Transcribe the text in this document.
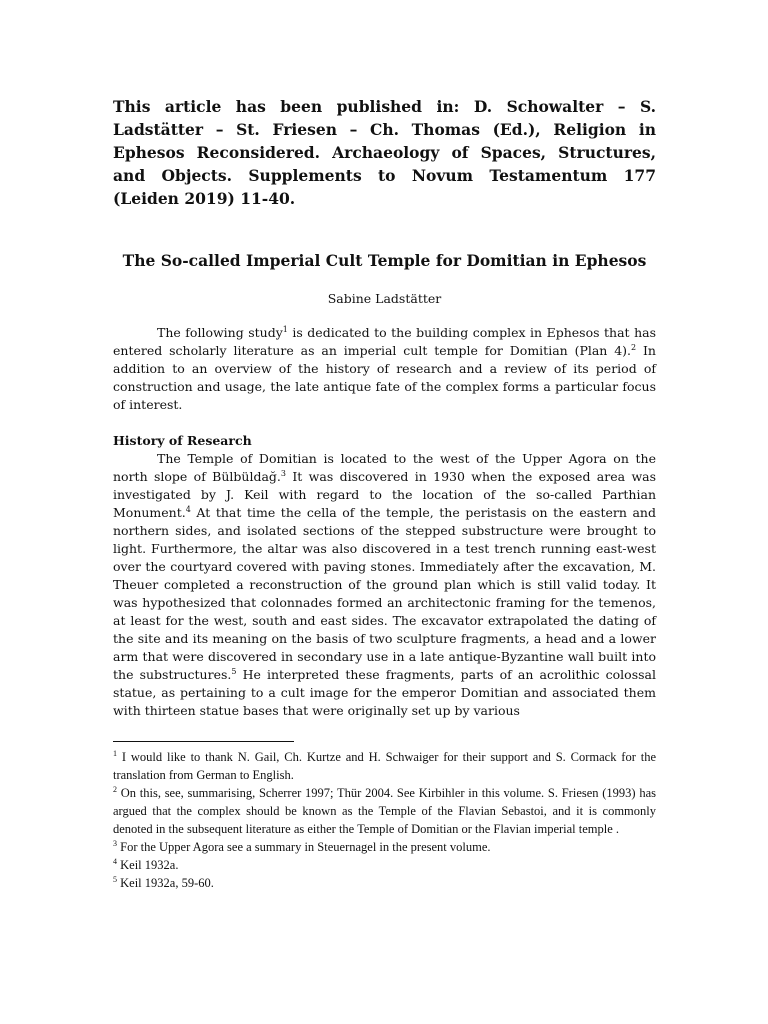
This article has been published in: D. Schowalter – S. Ladstätter – St. Friesen – Ch. Thomas (Ed.), Religion in Ephesos Reconsidered. Archaeology of Spaces, Structures, and Objects. Supplements to Novum Testamentum 177 (Leiden 2019) 11-40.

The So-called Imperial Cult Temple for Domitian in Ephesos

Sabine Ladstätter

The following study$^1$ is dedicated to the building complex in Ephesos that has entered scholarly literature as an imperial cult temple for Domitian (Plan 4).$^2$ In addition to an overview of the history of research and a review of its period of construction and usage, the late antique fate of the complex forms a particular focus of interest.

History of Research

The Temple of Domitian is located to the west of the Upper Agora on the north slope of Bülbüldağ.$^3$ It was discovered in 1930 when the exposed area was investigated by J. Keil with regard to the location of the so-called Parthian Monument.$^4$ At that time the cella of the temple, the peristasis on the eastern and northern sides, and isolated sections of the stepped substructure were brought to light. Furthermore, the altar was also discovered in a test trench running east-west over the courtyard covered with paving stones. Immediately after the excavation, M. Theuer completed a reconstruction of the ground plan which is still valid today. It was hypothesized that colonnades formed an architectonic framing for the temenos, at least for the west, south and east sides. The excavator extrapolated the dating of the site and its meaning on the basis of two sculpture fragments, a head and a lower arm that were discovered in secondary use in a late antique-Byzantine wall built into the substructures.$^5$ He interpreted these fragments, parts of an acrolithic colossal statue, as pertaining to a cult image for the emperor Domitian and associated them with thirteen statue bases that were originally set up by various

$^1$ I would like to thank N. Gail, Ch. Kurtze and H. Schwaiger for their support and S. Cormack for the translation from German to English.

$^2$ On this, see, summarising, Scherrer 1997; Thür 2004. See Kirbihler in this volume. S. Friesen (1993) has argued that the complex should be known as the Temple of the Flavian Sebastoi, and it is commonly denoted in the subsequent literature as either the Temple of Domitian or the Flavian imperial temple .

$^3$ For the Upper Agora see a summary in Steuernagel in the present volume.

$^4$ Keil 1932a.

$^5$ Keil 1932a, 59-60.
